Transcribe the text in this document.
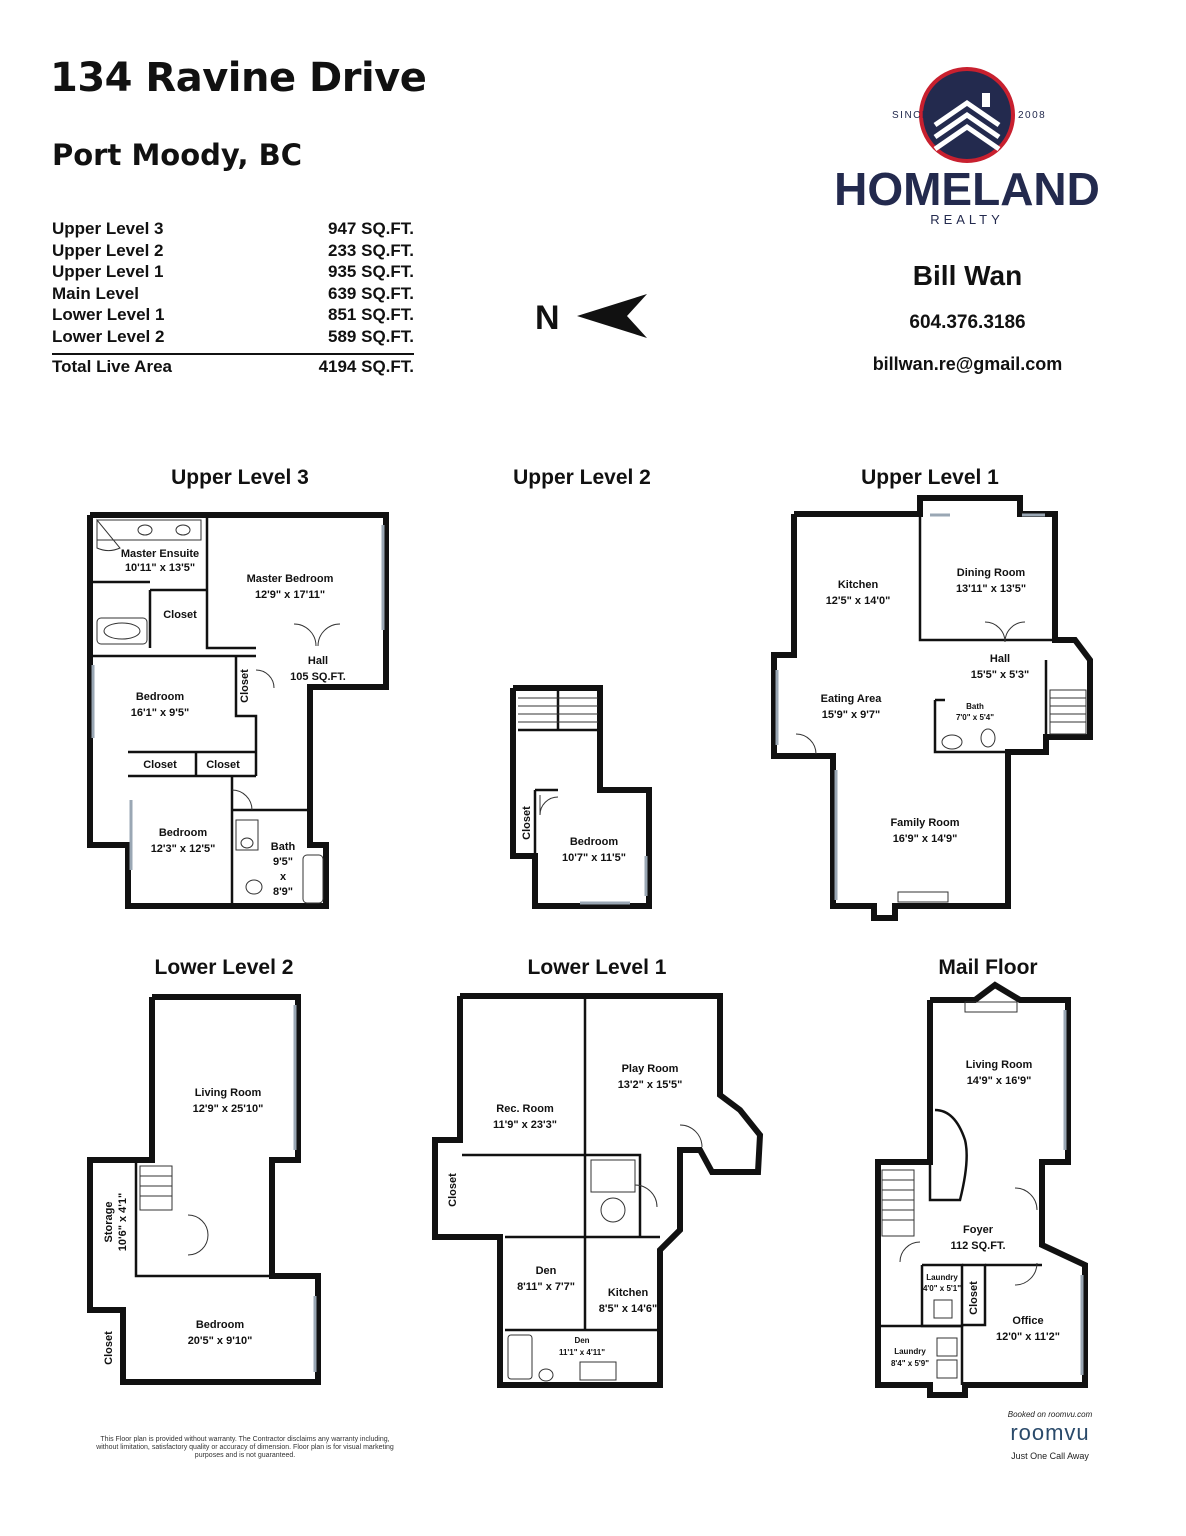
134 Ravine Drive
Port Moody, BC
Upper Level 3	947 SQ.FT.
Upper Level 2	233 SQ.FT.
Upper Level 1	935 SQ.FT.
Main Level	639 SQ.FT.
Lower Level 1	851 SQ.FT.
Lower Level 2	589 SQ.FT.
Total Live Area	4194 SQ.FT.
N
SINCE	2008
HOMELAND
REALTY
Bill Wan
604.376.3186
billwan.re@gmail.com
Upper Level 3	Upper Level 2	Upper Level 1
Lower Level 2	Lower Level 1	Mail Floor
Master Ensuite
10'11" x 13'5"
Master Bedroom
12'9" x 17'11"
Closet
Hall
105 SQ.FT.
Closet
Bedroom
16'1" x 9'5"
Closet	Closet
Bedroom
12'3" x 12'5"	Bath
9'5"
x
8'9"
Closet
Bedroom
10'7" x 11'5"
Kitchen
12'5" x 14'0"
Dining Room
13'11" x 13'5"
Hall
15'5" x 5'3"
Eating Area
15'9" x 9'7"
Bath
7'0" x 5'4"
Family Room
16'9" x 14'9"
Living Room
12'9" x 25'10"
Storage 10'6" x 4'1"
Bedroom
20'5" x 9'10"
Closet
Rec. Room
11'9" x 23'3"
Play Room
13'2" x 15'5"
Closet
Den
8'11" x 7'7"	Kitchen
8'5" x 14'6"
Den
11'1" x 4'11"
Living Room
14'9" x 16'9"
Foyer
112 SQ.FT.
Laundry
4'0" x 5'1" Closet
Office
12'0" x 11'2"
Laundry
8'4" x 5'9"
This Floor plan is provided without warranty. The Contractor disclaims any warranty including, without limitation, satisfactory quality or accuracy of dimension. Floor plan is for visual marketing purposes and is not guaranteed.
Booked on roomvu.com
roomvu
Just One Call Away
